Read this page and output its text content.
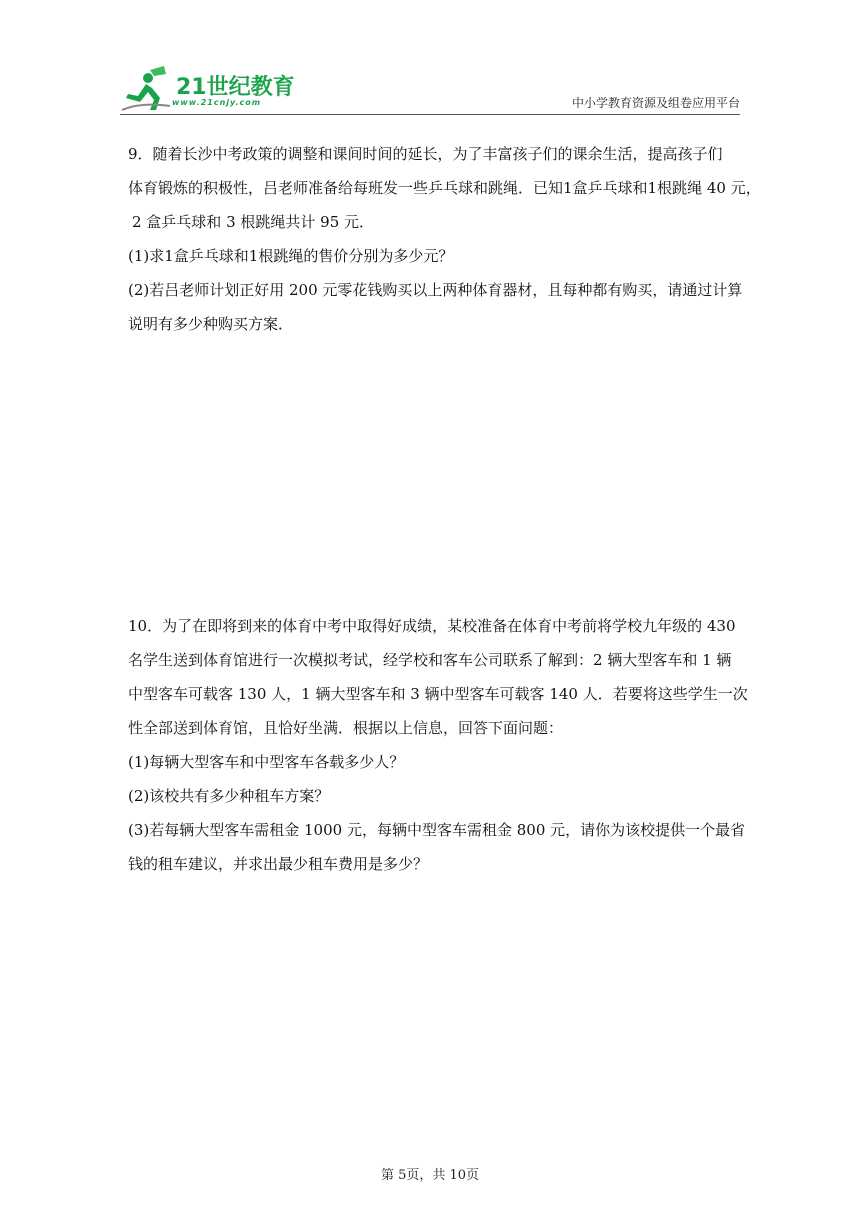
21世纪教育
www.21cnjy.com	中小学教育资源及组卷应用平台
9．随着长沙中考政策的调整和课间时间的延长，为了丰富孩子们的课余生活，提高孩子们
体育锻炼的积极性，吕老师准备给每班发一些乒乓球和跳绳．已知1盒乒乓球和1根跳绳 40 元，
2 盒乒乓球和 3 根跳绳共计 95 元．
(1)求1盒乒乓球和1根跳绳的售价分别为多少元？
(2)若吕老师计划正好用 200 元零花钱购买以上两种体育器材，且每种都有购买，请通过计算
说明有多少种购买方案．
10．为了在即将到来的体育中考中取得好成绩，某校准备在体育中考前将学校九年级的 430
名学生送到体育馆进行一次模拟考试，经学校和客车公司联系了解到：2 辆大型客车和 1 辆
中型客车可载客 130 人，1 辆大型客车和 3 辆中型客车可载客 140 人．若要将这些学生一次
性全部送到体育馆，且恰好坐满．根据以上信息，回答下面问题：
(1)每辆大型客车和中型客车各载多少人？
(2)该校共有多少种租车方案？
(3)若每辆大型客车需租金 1000 元，每辆中型客车需租金 800 元，请你为该校提供一个最省
钱的租车建议，并求出最少租车费用是多少？
第 5页，共 10页
